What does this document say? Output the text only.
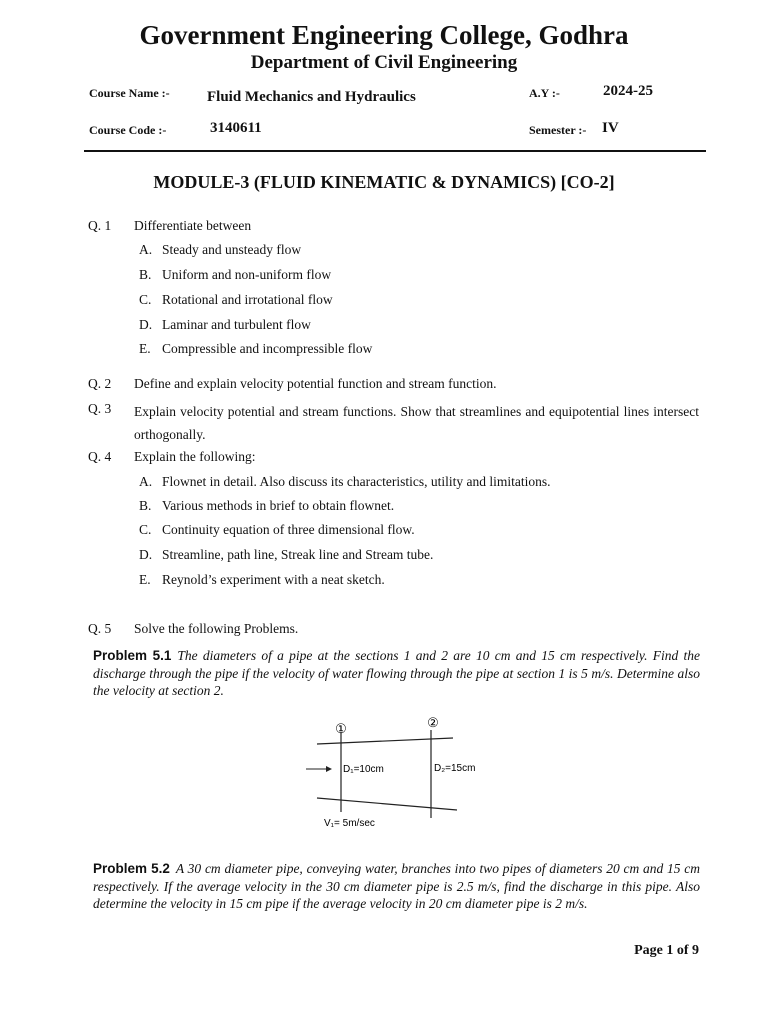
Government Engineering College, Godhra
Department of Civil Engineering
Course Name :- Fluid Mechanics and Hydraulics	A.Y :-	2024-25
Course Code :-	3140611	Semester :- IV
MODULE-3 (FLUID KINEMATIC & DYNAMICS) [CO-2]
Q. 1 Differentiate between
A. Steady and unsteady flow
B. Uniform and non-uniform flow
C. Rotational and irrotational flow
D. Laminar and turbulent flow
E. Compressible and incompressible flow
Q. 2 Define and explain velocity potential function and stream function.
Q. 3 Explain velocity potential and stream functions. Show that streamlines and equipotential lines intersect orthogonally.
Q. 4 Explain the following:
A. Flownet in detail. Also discuss its characteristics, utility and limitations.
B. Various methods in brief to obtain flownet.
C. Continuity equation of three dimensional flow.
D. Streamline, path line, Streak line and Stream tube.
E. Reynold’s experiment with a neat sketch.
Q. 5 Solve the following Problems.
Problem 5.1 The diameters of a pipe at the sections 1 and 2 are 10 cm and 15 cm respectively. Find the discharge through the pipe if the velocity of water flowing through the pipe at section 1 is 5 m/s. Determine also the velocity at section 2.
①	②
D₁=10cm	D₂=15cm
V₁= 5m/sec
Problem 5.2 A 30 cm diameter pipe, conveying water, branches into two pipes of diameters 20 cm and 15 cm respectively. If the average velocity in the 30 cm diameter pipe is 2.5 m/s, find the discharge in this pipe. Also determine the velocity in 15 cm pipe if the average velocity in 20 cm diameter pipe is 2 m/s.
Page 1 of 9
